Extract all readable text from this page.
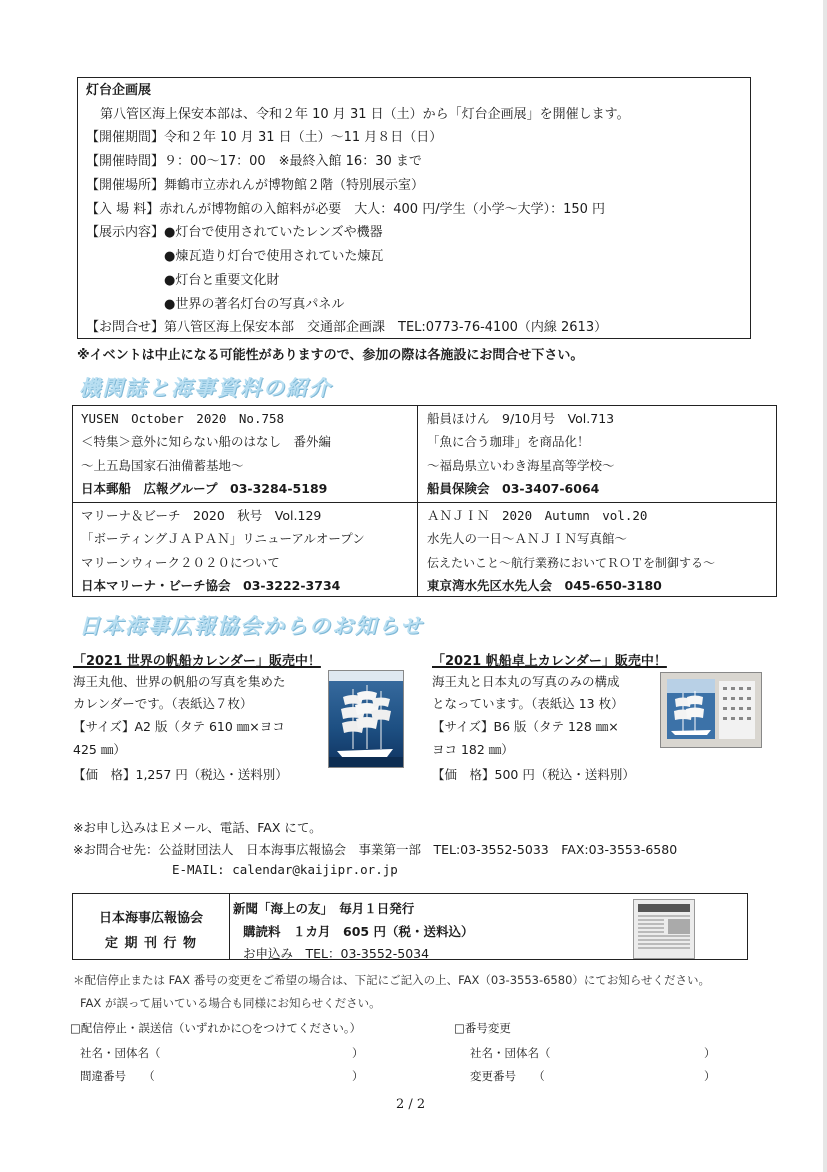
灯台企画展
第八管区海上保安本部は、令和２年 10 月 31 日（土）から「灯台企画展」を開催します。
【開催期間】令和２年 10 月 31 日（土）～11 月８日（日）
【開催時間】９：00～17：00　※最終入館 16：30 まで
【開催場所】舞鶴市立赤れんが博物館２階（特別展示室）
【入 場 料】赤れんが博物館の入館料が必要　大人：400 円/学生（小学～大学）：150 円
【展示内容】 ●灯台で使用されていたレンズや機器
●煉瓦造り灯台で使用されていた煉瓦
●灯台と重要文化財
●世界の著名灯台の写真パネル
【お問合せ】第八管区海上保安本部　交通部企画課　TEL:0773-76-4100（内線 2613）
※イベントは中止になる可能性がありますので、参加の際は各施設にお問合せ下さい。
機関誌と海事資料の紹介
YUSEN　October　2020　No.758
＜特集＞意外に知らない船のはなし　番外編
～上五島国家石油備蓄基地～
日本郵船　広報グループ　03-3284-5189
船員ほけん　9/10月号　Vol.713
「魚に合う珈琲」を商品化！
～福島県立いわき海星高等学校～
船員保険会　03-3407-6064
マリーナ＆ビーチ　2020　秋号　Vol.129
「ボーティングＪＡＰＡＮ」リニューアルオープン
マリーンウィーク２０２０について
日本マリーナ・ビーチ協会　03-3222-3734
ＡＮＪＩＮ　2020　Autumn　vol.20
水先人の一日～ＡＮＪＩＮ写真館～
伝えたいこと～航行業務においてＲＯＴを制御する～
東京湾水先区水先人会　045-650-3180
日本海事広報協会からのお知らせ
「2021 世界の帆船カレンダー」販売中！
海王丸他、世界の帆船の写真を集めた
カレンダーです。（表紙込７枚）
【サイズ】A2 版（タテ 610 ㎜×ヨコ
425 ㎜）
【価　格】1,257 円（税込・送料別）
「2021 帆船卓上カレンダー」販売中！
海王丸と日本丸の写真のみの構成
となっています。（表紙込 13 枚）
【サイズ】B6 版（タテ 128 ㎜×
ヨコ 182 ㎜）
【価　格】500 円（税込・送料別）
※お申し込みはＥメール、電話、FAX にて。
※お問合せ先：公益財団法人　日本海事広報協会　事業第一部　TEL:03-3552-5033　FAX:03-3553-6580
E-MAIL: calendar@kaijipr.or.jp
日本海事広報協会
定 期 刊 行 物
新聞「海上の友」　毎月１日発行
購読料　１カ月　605 円（税・送料込）
お申込み　TEL：03-3552-5034
＊配信停止または FAX 番号の変更をご希望の場合は、下記にご記入の上、FAX（03-3553-6580）にてお知らせください。
FAX が誤って届いている場合も同様にお知らせください。
□配信停止・誤送信（いずれかに○をつけてください。）	□番号変更
社名・団体名（	）
間違番号　　（	）
社名・団体名（	）
変更番号　　（	）
2 / 2
